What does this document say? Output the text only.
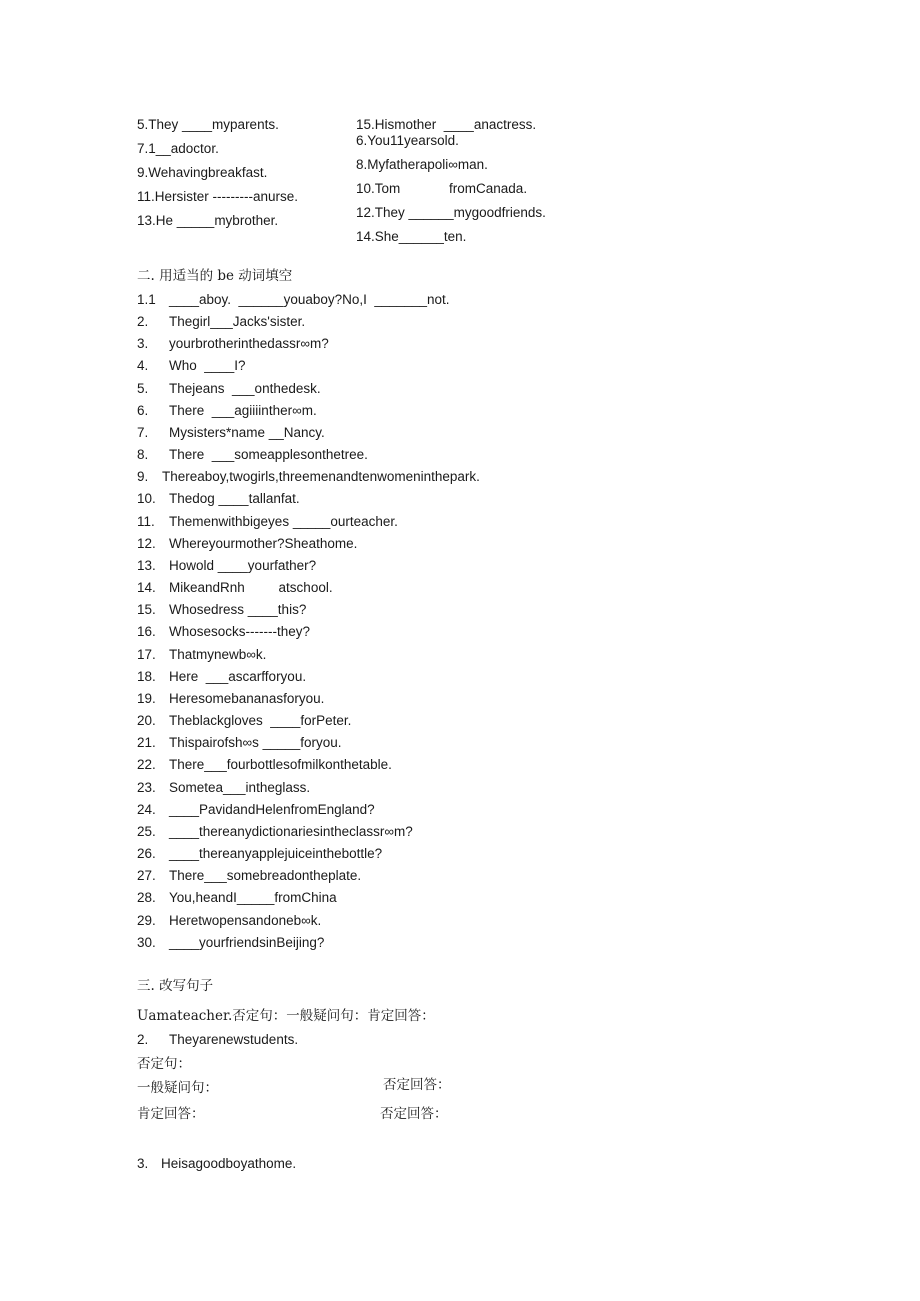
5.They ____myparents.
7.1__adoctor.
9.Wehavingbreakfast.
11.Hersister ---------anurse.
13.He _____mybrother.
15.Hismother  ____anactress.
6.You11yearsold.
8.Myfatherapoli∞man.
10.Tom             fromCanada.
12.They ______mygoodfriends.
14.She______ten.
二. 用适当的 be 动词填空
1.1 ____aboy.  ______youaboy?No,I  _______not.
2. Thegirl___Jacks'sister.
3. yourbrotherinthedassr∞m?
4. Who  ____I?
5. Thejeans  ___onthedesk.
6. There  ___agiiiinther∞m.
7. Mysisters*name __Nancy.
8. There  ___someapplesonthetree.
9. Thereaboy,twogirls,threemenandtenwomeninthepark.
10. Thedog ____tallanfat.
11. Themenwithbigeyes _____ourteacher.
12. Whereyourmother?Sheathome.
13. Howold ____yourfather?
14. MikeandRnh         atschool.
15. Whosedress ____this?
16. Whosesocks-------they?
17. Thatmynewb∞k.
18. Here  ___ascarfforyou.
19. Heresomebananasforyou.
20. Theblackgloves  ____forPeter.
21. Thispairofsh∞s _____foryou.
22. There___fourbottlesofmilkonthetable.
23. Sometea___intheglass.
24. ____PavidandHelenfromEngland?
25. ____thereanydictionariesintheclassr∞m?
26. ____thereanyapplejuiceinthebottle?
27. There___somebreadontheplate.
28. You,heandI_____fromChina
29. Heretwopensandoneb∞k.
30. ____yourfriendsinBeijing?
三. 改写句子
Uamateacher.否定句：一般疑问句：肯定回答：
2. Theyarenewstudents.
否定句：
一般疑问句：	否定回答：
肯定回答：	否定回答：
3. Heisagoodboyathome.
